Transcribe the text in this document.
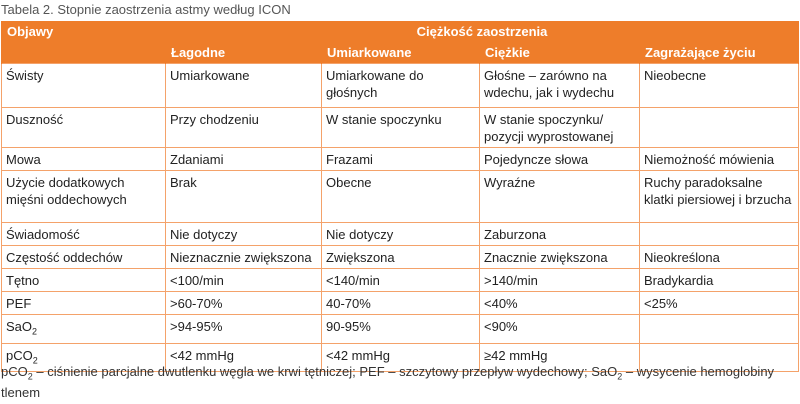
Tabela 2. Stopnie zaostrzenia astmy według ICON
Objawy	Ciężkość zaostrzenia			
	Łagodne	Umiarkowane	Ciężkie	Zagrażające życiu
Świsty	Umiarkowane	Umiarkowane do głośnych	Głośne – zarówno na wdechu, jak i wydechu	Nieobecne
Duszność	Przy chodzeniu	W stanie spoczynku	W stanie spoczynku/ pozycji wyprostowanej	
Mowa	Zdaniami	Frazami	Pojedyncze słowa	Niemożność mówienia
Użycie dodatkowych mięśni oddechowych	Brak	Obecne	Wyraźne	Ruchy paradoksalne klatki piersiowej i brzucha
Świadomość	Nie dotyczy	Nie dotyczy	Zaburzona	
Częstość oddechów	Nieznacznie zwiększona	Zwiększona	Znacznie zwiększona	Nieokreślona
Tętno	<100/min	<140/min	>140/min	Bradykardia
PEF	>60-70%	40-70%	<40%	<25%
SaO$_2$	>94-95%	90-95%	<90%	
pCO$_2$	<42 mmHg	<42 mmHg	≥42 mmHg	
pCO$_2$ – ciśnienie parcjalne dwutlenku węgla we krwi tętniczej; PEF – szczytowy przepływ wydechowy; SaO$_2$ – wysycenie hemoglobiny tlenem
